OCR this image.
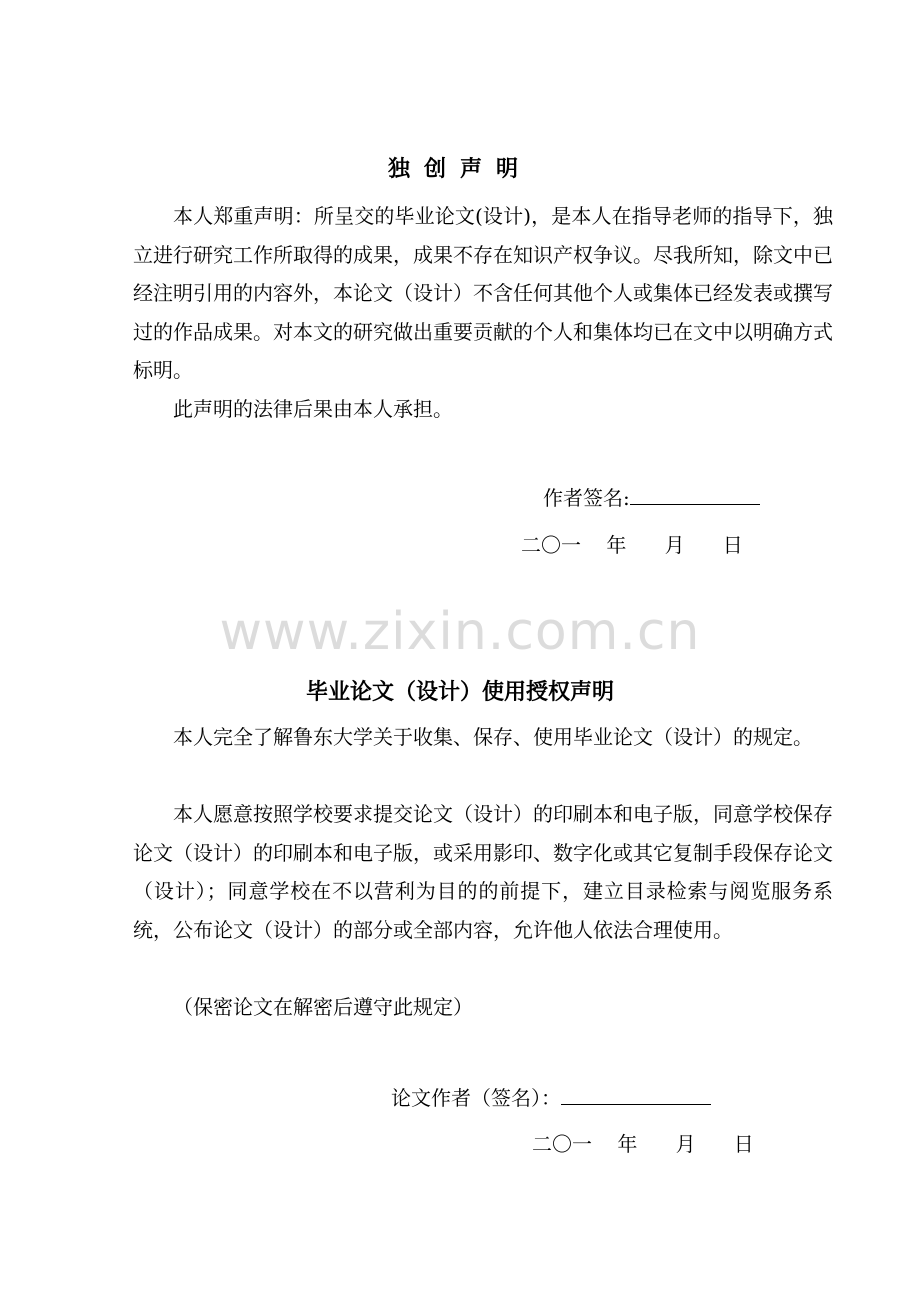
独创声明

本人郑重声明：所呈交的毕业论文(设计)，是本人在指导老师的指导下，独立进行研究工作所取得的成果，成果不存在知识产权争议。尽我所知，除文中已经注明引用的内容外，本论文（设计）不含任何其他个人或集体已经发表或撰写过的作品成果。对本文的研究做出重要贡献的个人和集体均已在文中以明确方式标明。

此声明的法律后果由本人承担。

作者签名:
二〇一    年      月      日
www.zixin.com.cn
毕业论文（设计）使用授权声明

本人完全了解鲁东大学关于收集、保存、使用毕业论文（设计）的规定。

本人愿意按照学校要求提交论文（设计）的印刷本和电子版，同意学校保存论文（设计）的印刷本和电子版，或采用影印、数字化或其它复制手段保存论文（设计）；同意学校在不以营利为目的的前提下，建立目录检索与阅览服务系统，公布论文（设计）的部分或全部内容，允许他人依法合理使用。

（保密论文在解密后遵守此规定）

论文作者（签名）：
二〇一    年      月      日
